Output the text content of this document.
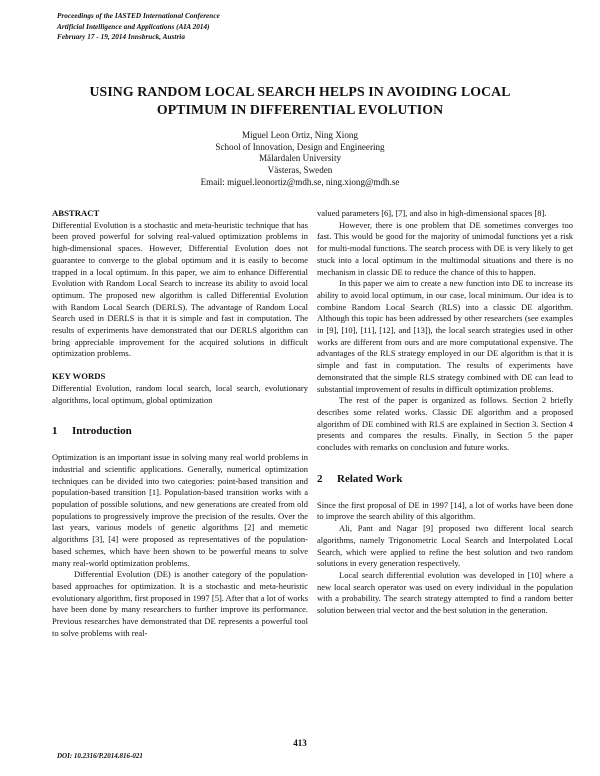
Proceedings of the IASTED International Conference
Artificial Intelligence and Applications (AIA 2014)
February 17 - 19, 2014 Innsbruck, Austria
USING RANDOM LOCAL SEARCH HELPS IN AVOIDING LOCAL
OPTIMUM IN DIFFERENTIAL EVOLUTION
Miguel Leon Ortiz, Ning Xiong
School of Innovation, Design and Engineering
Mälardalen University
Västeras, Sweden
Email: miguel.leonortiz@mdh.se, ning.xiong@mdh.se
ABSTRACT

Differential Evolution is a stochastic and meta-heuristic technique that has been proved powerful for solving real-valued optimization problems in high-dimensional spaces. However, Differential Evolution does not guarantee to converge to the global optimum and it is easily to become trapped in a local optimum. In this paper, we aim to enhance Differential Evolution with Random Local Search to increase its ability to avoid local optimum. The proposed new algorithm is called Differential Evolution with Random Local Search (DERLS). The advantage of Random Local Search used in DERLS is that it is simple and fast in computation. The results of experiments have demonstrated that our DERLS algorithm can bring appreciable improvement for the acquired solutions in difficult optimization problems.

KEY WORDS

Differential Evolution, random local search, local search, evolutionary algorithms, local optimum, global optimization

1 Introduction

Optimization is an important issue in solving many real world problems in industrial and scientific applications. Generally, numerical optimization techniques can be divided into two categories: point-based transition and population-based transition [1]. Population-based transition works with a population of possible solutions, and new generations are created from old populations to progressively improve the precision of the results. Over the last years, various models of genetic algorithms [2] and memetic algorithms [3], [4] were proposed as representatives of the population-based schemes, which have been shown to be powerful means to solve many real-world optimization problems.

Differential Evolution (DE) is another category of the population-based approaches for optimization. It is a stochastic and meta-heuristic evolutionary algorithm, first proposed in 1997 [5]. After that a lot of works have been done by many researchers to further improve its performance. Previous researches have demonstrated that DE represents a powerful tool to solve problems with real-

valued parameters [6], [7], and also in high-dimensional spaces [8].

However, there is one problem that DE sometimes converges too fast. This would be good for the majority of unimodal functions yet a risk for multi-modal functions. The search process with DE is very likely to get stuck into a local optimum in the multimodal situations and there is no mechanism in classic DE to reduce the chance of this to happen.

In this paper we aim to create a new function into DE to increase its ability to avoid local optimum, in our case, local minimum. Our idea is to combine Random Local Search (RLS) into a classic DE algorithm. Although this topic has been addressed by other researchers (see examples in [9], [10], [11], [12], and [13]), the local search strategies used in other works are different from ours and are more computational expensive. The advantages of the RLS strategy employed in our DE algorithm is that it is simple and fast in computation. The results of experiments have demonstrated that the simple RLS strategy combined with DE can lead to substantial improvement of results in difficult optimization problems.

The rest of the paper is organized as follows. Section 2 briefly describes some related works. Classic DE algorithm and a proposed algorithm of DE combined with RLS are explained in Section 3. Section 4 presents and compares the results. Finally, in Section 5 the paper concludes with remarks on conclusion and future works.

2 Related Work

Since the first proposal of DE in 1997 [14], a lot of works have been done to improve the search ability of this algorithm.

Ali, Pant and Nagar [9] proposed two different local search algorithms, namely Trigonometric Local Search and Interpolated Local Search, which were applied to refine the best solution and two random solutions in every generation respectively.

Local search differential evolution was developed in [10] where a new local search operator was used on every individual in the population with a probability. The search strategy attempted to find a random better solution between trial vector and the best solution in the generation.

413
DOI: 10.2316/P.2014.816-021
